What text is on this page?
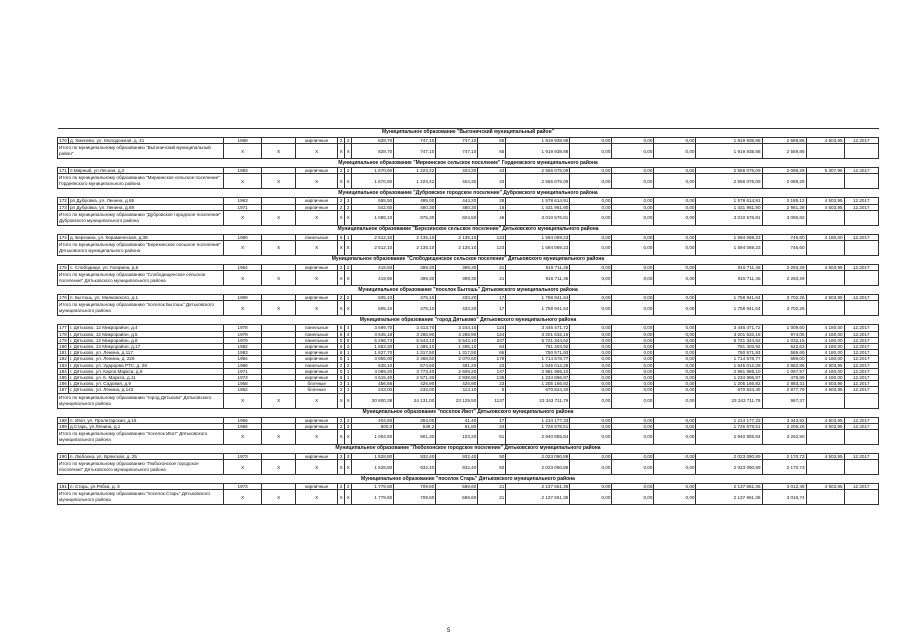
Муниципальное образование "Выгоничский муниципальный район"																		
170	д. Хмелево, ул. Молодежная, д. 41	1968		кирпичные	2	2	828,70	747,10	747,10	65	1 919 938,88	0,00	0,00	0,00	1 919 938,88	2 569,86	4 503,95	12.2017
Итого по муниципальному образованию "Выгоничский муниципальный район"		X	X	X	X	X	828,70	747,10	747,10	65	1 919 938,88	0,00	0,00	0,00	1 919 938,88	2 569,86		
Муниципальное образование "Мирнинское сельское поселение" Гордеевского муниципального района																		
171	п.Мирный, ул.Лесная, д.2	1983		кирпичные	2	2	1 670,60	1 223,42	404,30	43	2 556 075,09	0,00	0,00	0,00	2 556 075,09	2 089,29	5 307,96	12.2017
Итого по муниципальному образованию "Мирнинское сельское поселение" Гордеевского муниципального района		X	X	X	X	X	1 670,60	1 223,42	404,30	43	2 556 075,09	0,00	0,00	0,00	2 556 075,09	2 089,29		
Муниципальное образование "Дубровское городское поселение" Дубровского муниципального района																		
172	рп Дубровка, ул. Ленина, д.65	1963		кирпичные	2	3	555,50	495,00	444,20	28	1 578 614,91	0,00	0,00	0,00	1 578 614,91	3 189,12	4 503,95	12.2017
173	рп Дубровка, ул. Ленина, д.69	1971		кирпичные	2	2	542,60	480,30	480,30	18	1 431 961,90	0,00	0,00	0,00	1 431 961,90	2 981,39	4 503,95	12.2017
Итого по муниципальному образованию "Дубровское городское поселение" Дубровского муниципального района		X	X	X	X	X	1 098,10	975,30	924,50	46	3 010 576,81	0,00	0,00	0,00	3 010 576,81	3 086,82		
Муниципальное образование "Березинское сельское поселение" Дятьковского муниципального района																		
174	д. Березина, ул. Керамическая, д.38	1980		панельные	5	1	2 512,10	2 135,10	2 135,10	123	1 594 069,23	0,00	0,00	0,00	1 594 069,23	746,60	4 180,00	12.2017
Итого по муниципальному образованию "Березинское сельское поселение" Дятьковского муниципального района		X	X	X	X	X	2 512,10	2 135,10	2 135,10	123	1 594 069,23	0,00	0,00	0,00	1 594 069,23	746,60		
Муниципальное образование "Слободищенское сельское поселение" Дятьковского муниципального района																		
175	с. Слободище, ул. Гагарина, д.6	1964		кирпичные	2	2	419,50	399,30	399,30	21	915 711,45	0,00	0,00	0,00	915 711,45	2 293,29	4 503,95	12.2017
Итого по муниципальному образованию "Слободищенское сельское поселение" Дятьковского муниципального района		X	X	X	X	X	419,50	399,30	399,30	21	915 711,45	0,00	0,00	0,00	915 711,45	2 293,29		
Муниципальное образование "поселок Бытошь" Дятьковского муниципального района																		
176	п. Бытошь, ул. Маяковского, д.1	1969		кирпичные	2	2	505,10	475,10	433,20	17	1 758 941,64	0,00	0,00	0,00	1 758 941,64	3 702,26	4 503,95	12.2017
Итого по муниципальному образованию "поселок Бытошь" Дятьковского муниципального района		X	X	X	X	X	505,10	475,10	433,20	17	1 758 941,64	0,00	0,00	0,00	1 758 941,64	3 702,26		
Муниципальное образование "город Дятьково" Дятьковского муниципального района																		
177	г. Дятьково, 12 Микрорайон, д.4	1978		панельные	5	4	3 699,70	3 413,70	3 244,10	124	3 446 471,72	0,00	0,00	0,00	3 446 471,72	1 009,60	4 180,00	12.2017
178	г. Дятьково, 12 Микрорайон, д.5	1979		панельные	5	4	3 645,18	3 286,90	3 286,90	124	3 201 632,16	0,00	0,00	0,00	3 201 632,16	974,05	4 180,00	12.2017
179	г. Дятьково, 12 Микрорайон, д.8	1979		панельные	5	8	6 296,73	5 543,10	5 543,10	247	5 721 344,62	0,00	0,00	0,00	5 721 344,62	1 032,15	4 180,00	12.2017
180	г. Дятьково, 13 Микрорайон, д.17	1982		кирпичные	6	2	1 683,30	1 495,10	1 495,10	64	781 403,92	0,00	0,00	0,00	781 403,92	522,63	4 180,00	12.2017
181	г. Дятьково, ул. Ленина, д.117	1983		кирпичные	6	1	1 627,70	1 317,50	1 317,50	65	750 571,93	0,00	0,00	0,00	750 571,93	569,69	4 180,00	12.2017
182	г. Дятьково, ул. Ленина, д. 226	1984		кирпичные	5	1	3 955,00	2 468,50	2 070,60	179	1 714 578,77	0,00	0,00	0,00	1 714 578,77	689,00	4 180,00	12.2017
183	г. Дятьково, ул. Ударцева РТС, д. 28	1986		панельные	2	2	638,10	574,60	481,20	23	1 645 012,28	0,00	0,00	0,00	1 645 012,28	2 862,86	4 503,95	12.2017
184	г. Дятьково, ул. Карла Маркса, д.9	1971		кирпичные	5	1	4 089,20	3 773,40	2 609,20	147	2 981 969,10	0,00	0,00	0,00	2 981 969,10	1 067,97	4 180,00	12.2017
185	г. Дятьково, ул. К. Маркса, д.11	1973		кирпичные	6	1	4 615,40	2 571,30	2 938,90	138	1 234 896,97	0,00	0,00	0,00	1 234 896,97	479,89	4 180,00	12.2017
186	г. Дятьково, ул. Садовая, д.9	1958		блочные	2	1	456,56	426,90	426,90	23	1 205 166,82	0,00	0,00	0,00	1 205 166,82	2 883,31	4 503,95	12.2017
187	г. Дятьково, ул. Ленина, д.143	1952		блочные	2	1	243,00	233,00	113,10	5	670 624,40	0,00	0,00	0,00	670 624,40	2 877,79	4 503,95	12.2017
Итого по муниципальному образованию "город Дятьково" Дятьковского муниципального района		X	X	X	X	X	30 800,38	24 131,00	23 129,50	1137	23 343 711,79	0,00	0,00	0,00	23 343 711,79	967,37		
Муниципальное образование "поселок Ивот" Дятьковского муниципального района																		
188	п. Ивот, ул. Пролетарская, д.16	1956		кирпичные	2	2	404,50	363,00	41,40	17	1 214 177,33	0,00	0,00	0,00	1 214 177,33	3 343,92	4 503,95	12.2017
189	д.Старь, ул.Ленина, д.1	1955		кирпичные	2	3	600,0	538,2	61,80	34	1 726 678,51	0,00	0,00	0,00	1 726 678,51	3 206,26	4 503,95	12.2017
Итого по муниципальному образованию "поселок Ивот" Дятьковского муниципального района		X	X	X	X	X	1 004,50	901,30	103,20	51	2 940 855,84	0,00	0,00	0,00	2 940 855,84	3 262,90		
Муниципальное образование "Любохонское городское поселение" Дятьковского муниципального района																		
190	п. Любохна, ул. Брянская, д. 25	1973		кирпичные	2	3	1 528,80	932,40	932,40	50	2 023 090,89	0,00	0,00	0,00	2 023 090,89	2 170,73	4 503,95	12.2017
Итого по муниципальному образованию "Любохонское городское поселение" Дятьковского муниципального района		X	X	X	X	X	1 528,80	932,40	932,40	50	2 023 090,89	0,00	0,00	0,00	2 023 090,89	2 170,73		
Муниципальное образование "поселок Старь" Дятьковского муниципального района																		
191	п. Старь, ул.Рябка, д. 3	1973		кирпичные	2	2	1 779,60	709,60	589,60	21	2 137 661,36	0,00	0,00	0,00	2 137 661,36	3 012,49	4 503,95	12.2017
Итого по муниципальному образованию "поселок Старь" Дятьковского муниципального района		X	X	X	X	X	1 779,60	709,60	589,60	21	2 137 661,36	0,00	0,00	0,00	2 137 661,36	3 016,74		
5
